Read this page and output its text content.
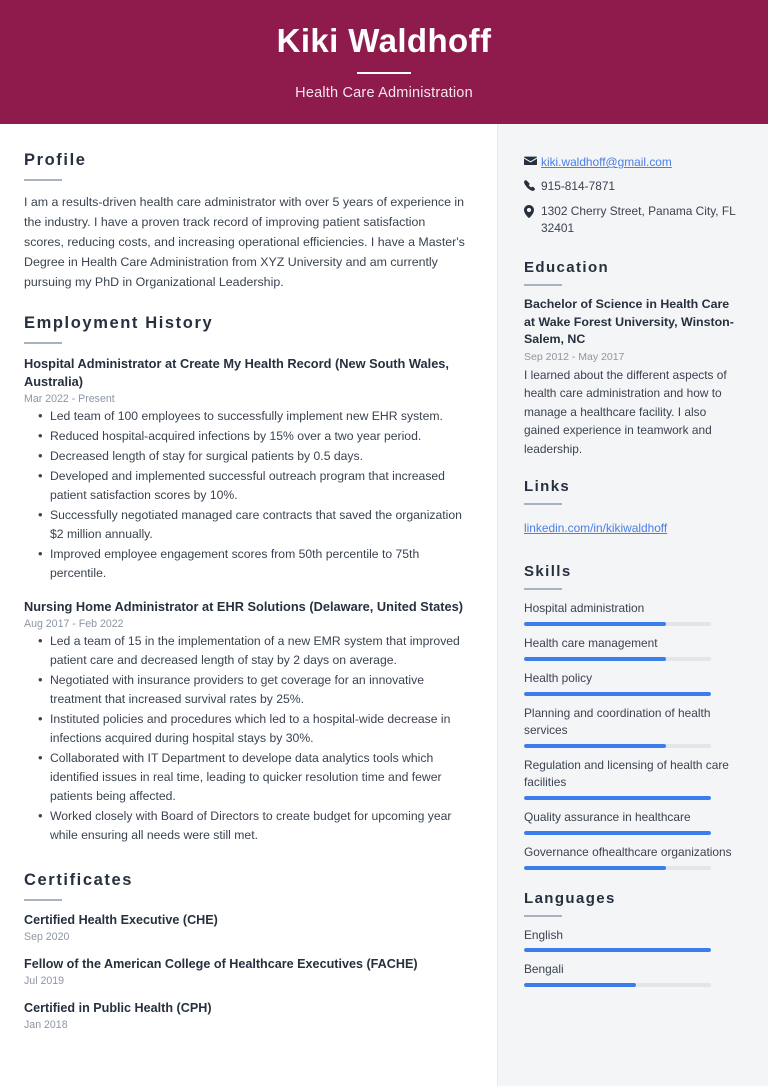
Kiki Waldhoff
Health Care Administration
Profile
I am a results-driven health care administrator with over 5 years of experience in the industry. I have a proven track record of improving patient satisfaction scores, reducing costs, and increasing operational efficiencies. I have a Master's Degree in Health Care Administration from XYZ University and am currently pursuing my PhD in Organizational Leadership.
Employment History
Hospital Administrator at Create My Health Record (New South Wales, Australia)
Mar 2022 - Present
• Led team of 100 employees to successfully implement new EHR system.
• Reduced hospital-acquired infections by 15% over a two year period.
• Decreased length of stay for surgical patients by 0.5 days.
• Developed and implemented successful outreach program that increased patient satisfaction scores by 10%.
• Successfully negotiated managed care contracts that saved the organization $2 million annually.
• Improved employee engagement scores from 50th percentile to 75th percentile.
Nursing Home Administrator at EHR Solutions (Delaware, United States)
Aug 2017 - Feb 2022
• Led a team of 15 in the implementation of a new EMR system that improved patient care and decreased length of stay by 2 days on average.
• Negotiated with insurance providers to get coverage for an innovative treatment that increased survival rates by 25%.
• Instituted policies and procedures which led to a hospital-wide decrease in infections acquired during hospital stays by 30%.
• Collaborated with IT Department to develope data analytics tools which identified issues in real time, leading to quicker resolution time and fewer patients being affected.
• Worked closely with Board of Directors to create budget for upcoming year while ensuring all needs were still met.
Certificates
Certified Health Executive (CHE)
Sep 2020
Fellow of the American College of Healthcare Executives (FACHE)
Jul 2019
Certified in Public Health (CPH)
Jan 2018
kiki.waldhoff@gmail.com
915-814-7871
1302 Cherry Street, Panama City, FL 32401
Education
Bachelor of Science in Health Care at Wake Forest University, Winston-Salem, NC
Sep 2012 - May 2017
I learned about the different aspects of health care administration and how to manage a healthcare facility. I also gained experience in teamwork and leadership.
Links
linkedin.com/in/kikiwaldhoff
Skills
Hospital administration
Health care management
Health policy
Planning and coordination of health services
Regulation and licensing of health care facilities
Quality assurance in healthcare
Governance ofhealthcare organizations
Languages
English
Bengali
